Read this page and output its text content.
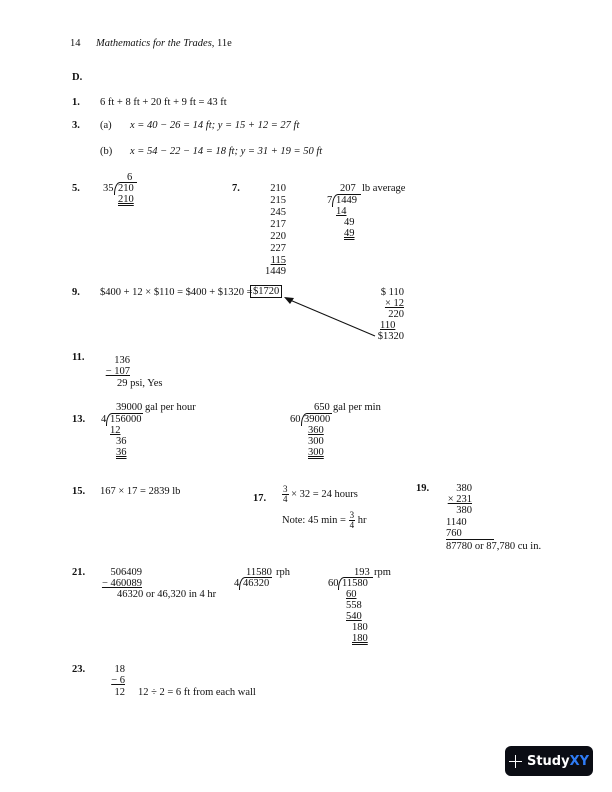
14 Mathematics for the Trades, 11e
D.
1. 6 ft + 8 ft + 20 ft + 9 ft = 43 ft
3. (a) x = 40 − 26 = 14 ft; y = 15 + 12 = 27 ft
(b) x = 54 − 22 − 14 = 18 ft; y = 31 + 19 = 50 ft
5.
6
35 210
210
7.	210
215
245
217
220
227
115
1449
207 lb average
7 1449
14
49
49
9. $400 + 12 × $110 = $400 + $1320 = $1720	$ 110
× 12
220
110
$1320
11.	136
− 107
29 psi, Yes
13.
39000 gal per hour
4 156000
12
36
36
650 gal per min
60 39000
360
300
300
15. 167 × 17 = 2839 lb
17. $\frac{3}{4} \times 32 = 24$ hours
Note: 45 $\min = \frac{3}{4}$ hr
19.	380
× 231
380
1140
760
87780 or 87,780 cu in.
21.	506409
− 460089
46320 or 46,320 in 4 hr
11580 rph
4 46320
193 rpm
60 11580
60
558
540
180
180
23.	18
− 6
12 12 ÷ 2 = 6 ft from each wall
StudyXY
